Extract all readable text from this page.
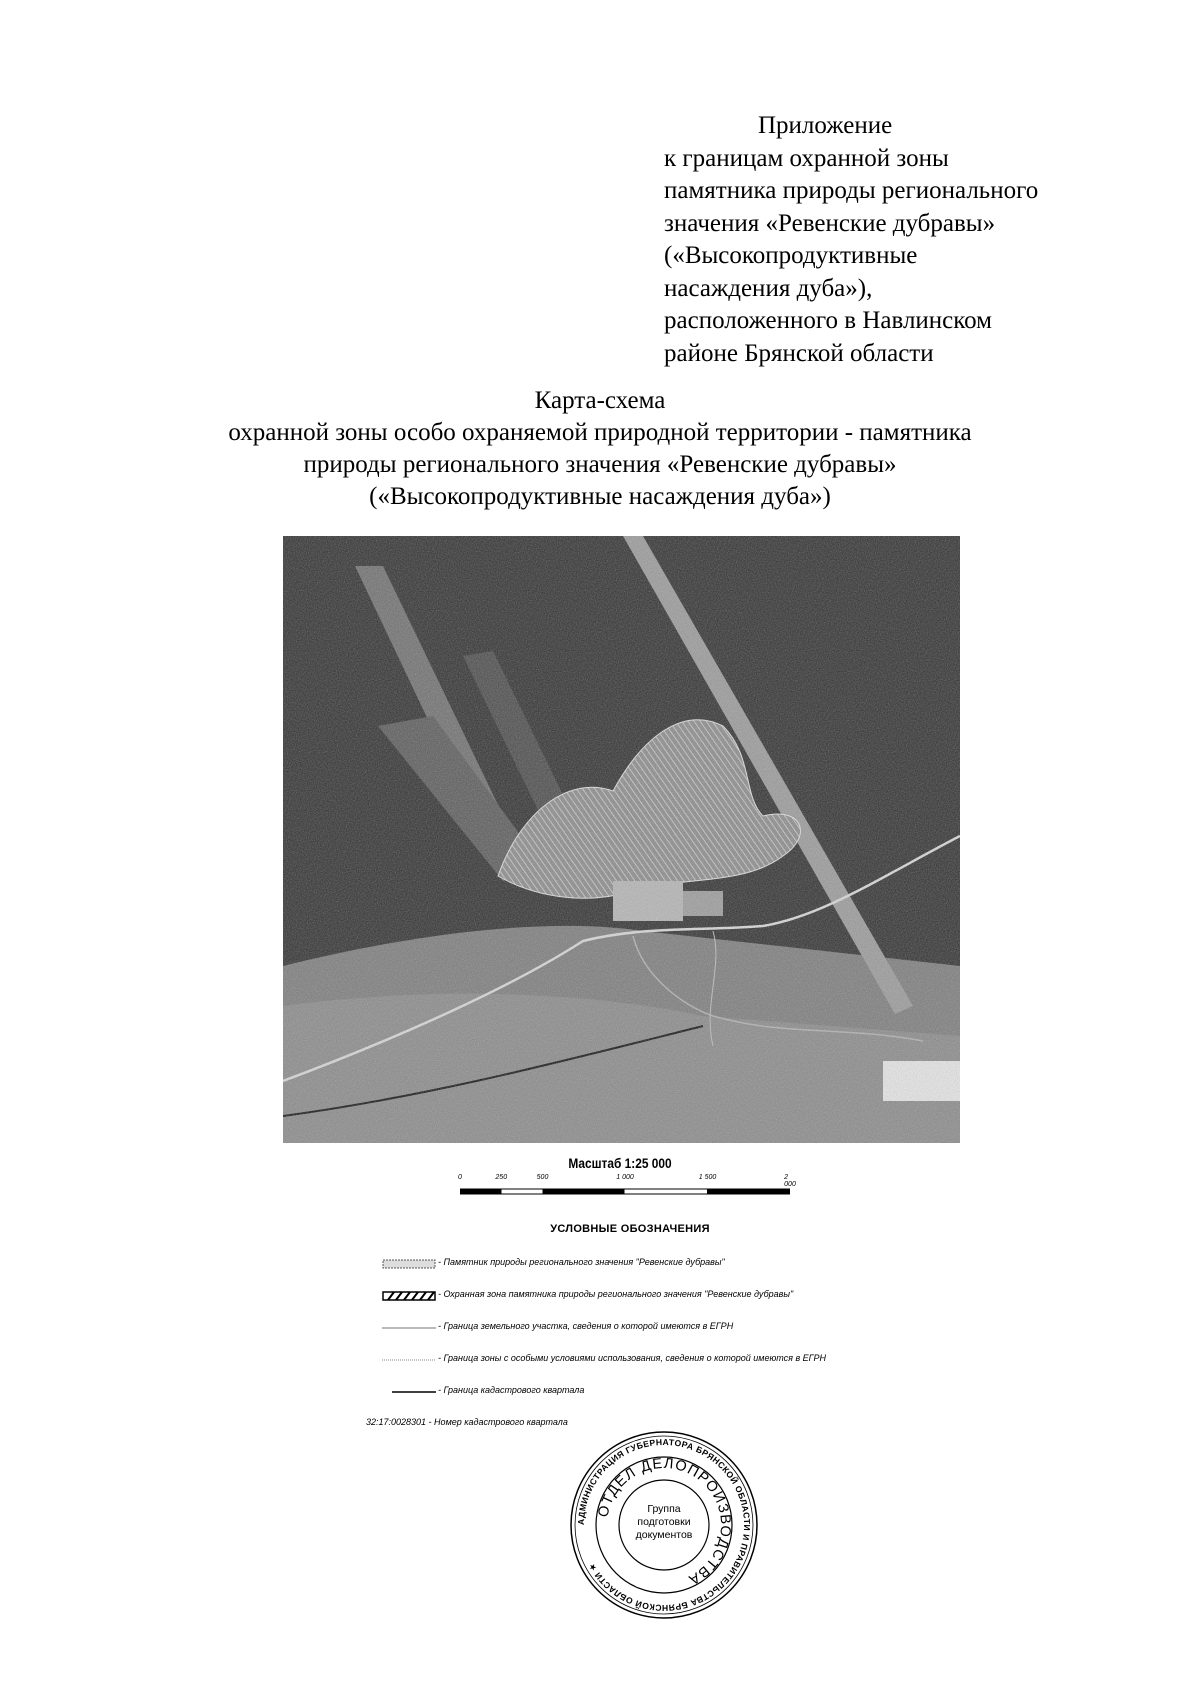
Приложение
к границам охранной зоны
памятника природы регионального
значения «Ревенские дубравы»
(«Высокопродуктивные
насаждения дуба»),
расположенного в Навлинском
районе Брянской области
Карта-схема
охранной зоны особо охраняемой природной территории - памятника
природы регионального значения «Ревенские дубравы»
(«Высокопродуктивные насаждения дуба»)
Масштаб 1:25 000
0	250	500	1 000	1 500	2 000
УСЛОВНЫЕ ОБОЗНАЧЕНИЯ
- Памятник природы регионального значения "Ревенские дубравы"
- Охранная зона памятника природы регионального значения "Ревенские дубравы"
- Граница земельного участка, сведения о которой имеются в ЕГРН
- Граница зоны с особыми условиями использования, сведения о которой имеются в ЕГРН
- Граница кадастрового квартала
32:17:0028301 - Номер кадастрового квартала
АДМИНИСТРАЦИЯ ГУБЕРНАТОРА БРЯНСКОЙ ОБЛАСТИ И ПРАВИТЕЛЬСТВА БРЯНСКОЙ ОБЛАСТИ ★
ОТДЕЛ ДЕЛОПРОИЗВОДСТВА
Группа
подготовки
документов
